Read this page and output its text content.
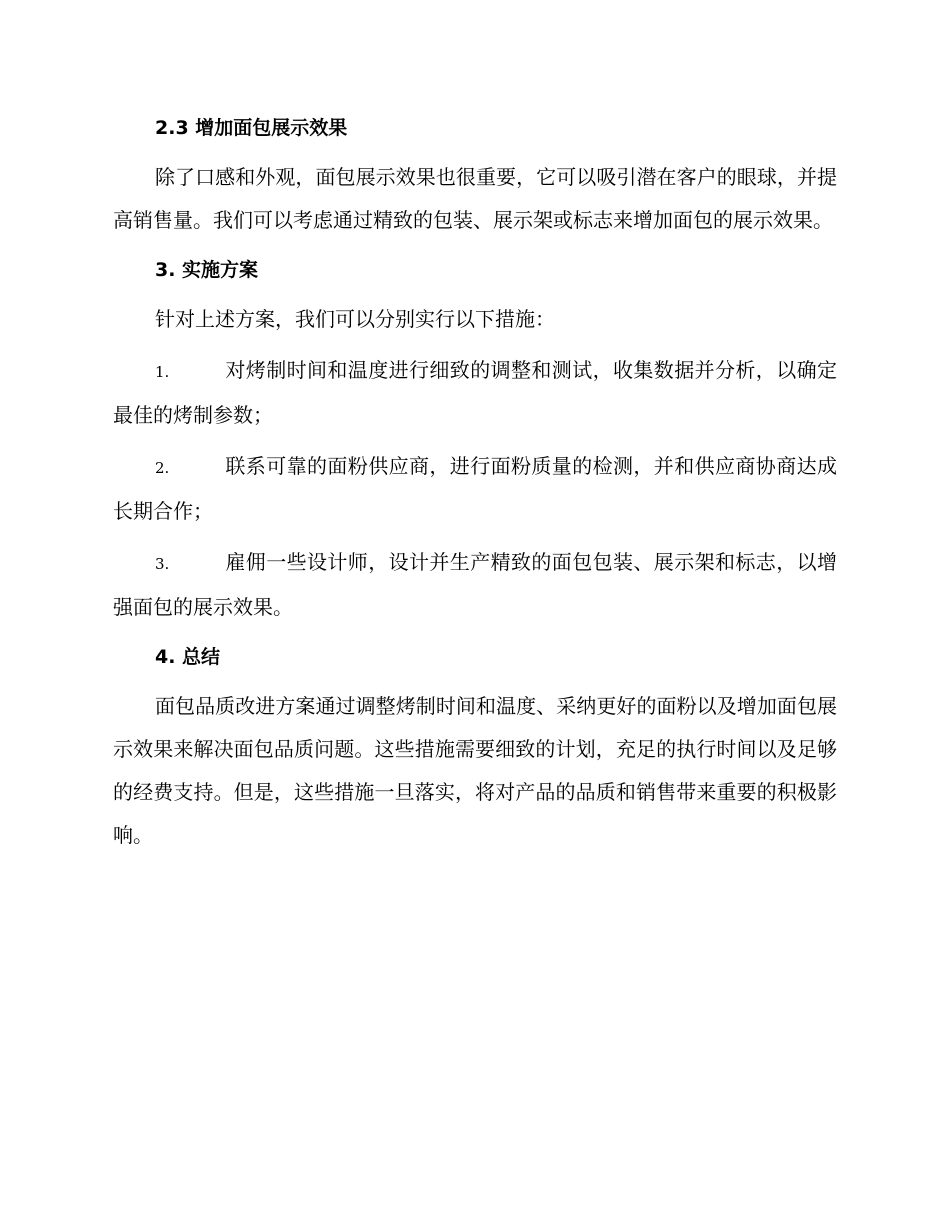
2.3 增加面包展示效果

除了口感和外观，面包展示效果也很重要，它可以吸引潜在客户的眼球，并提高销售量。我们可以考虑通过精致的包装、展示架或标志来增加面包的展示效果。

3. 实施方案

针对上述方案，我们可以分别实行以下措施：

1.	对烤制时间和温度进行细致的调整和测试，收集数据并分析，以确定最佳的烤制参数；

2.	联系可靠的面粉供应商，进行面粉质量的检测，并和供应商协商达成长期合作；

3.	雇佣一些设计师，设计并生产精致的面包包装、展示架和标志，以增强面包的展示效果。

4. 总结

面包品质改进方案通过调整烤制时间和温度、采纳更好的面粉以及增加面包展示效果来解决面包品质问题。这些措施需要细致的计划，充足的执行时间以及足够的经费支持。但是，这些措施一旦落实，将对产品的品质和销售带来重要的积极影响。
